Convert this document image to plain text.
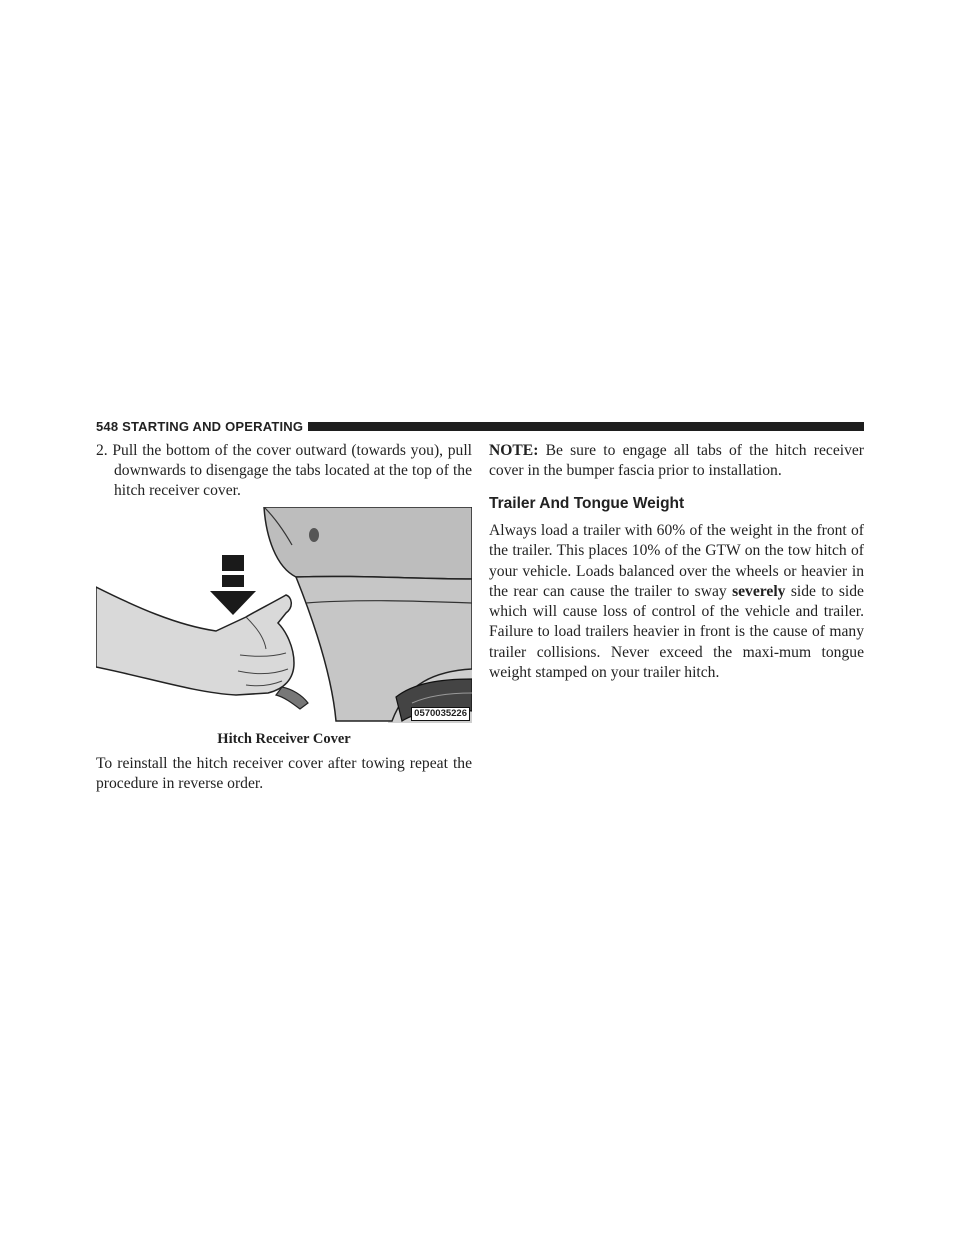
548 STARTING AND OPERATING

2. Pull the bottom of the cover outward (towards you), pull downwards to disengage the tabs located at the top of the hitch receiver cover.

0570035226
Hitch Receiver Cover

To reinstall the hitch receiver cover after towing repeat the procedure in reverse order.

NOTE: Be sure to engage all tabs of the hitch receiver cover in the bumper fascia prior to installation.

Trailer And Tongue Weight

Always load a trailer with 60% of the weight in the front of the trailer. This places 10% of the GTW on the tow hitch of your vehicle. Loads balanced over the wheels or heavier in the rear can cause the trailer to sway severely side to side which will cause loss of control of the vehicle and trailer. Failure to load trailers heavier in front is the cause of many trailer collisions. Never exceed the maxi-mum tongue weight stamped on your trailer hitch.
